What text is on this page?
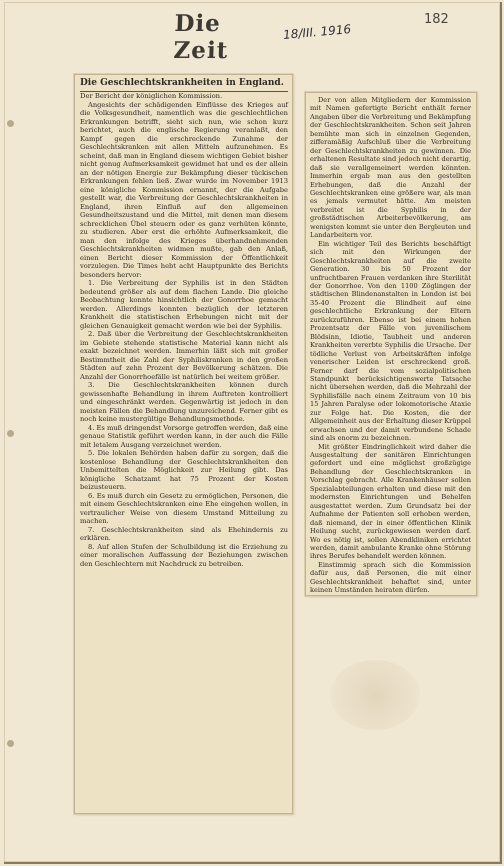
Die Zeit
18/III. 1916
182

Die Geschlechtskrankheiten in England.

Der Bericht der königlichen Kommission.

Angesichts der schädigenden Einflüsse des Krieges auf die Volksgesundheit, namentlich was die geschlechtlichen Erkrankungen betrifft, sieht sich nun, wie schon kurz berichtet, auch die englische Regierung veranlaßt, den Kampf gegen die erschreckende Zunahme der Geschlechtskranken mit allen Mitteln aufzunehmen. Es scheint, daß man in England diesem wichtigen Gebiet bisher nicht genug Aufmerksamkeit gewidmet hat und es der allein an der nötigen Energie zur Bekämpfung dieser tückischen Erkrankungen fehlen ließ. Zwar wurde im November 1913 eine königliche Kommission ernannt, der die Aufgabe gestellt war, die Verbreitung der Geschlechtskrankheiten in England, ihren Einfluß auf den allgemeinen Gesundheitszustand und die Mittel, mit denen man diesem schrecklichen Übel steuern oder es ganz verhüten könnte, zu studieren. Aber erst die erhöhte Aufmerksamkeit, die man den infolge des Krieges überhandnehmenden Geschlechtskrankheiten widmen mußte, gab den Anlaß, einen Bericht dieser Kommission der Öffentlichkeit vorzulegen. Die Times hebt acht Hauptpunkte des Berichts besonders hervor:

1. Die Verbreitung der Syphilis ist in den Städten bedeutend größer als auf dem flachen Lande. Die gleiche Beobachtung konnte hinsichtlich der Gonorrhoe gemacht werden. Allerdings konnten bezüglich der letzteren Krankheit die statistischen Erhebungen nicht mit der gleichen Genauigkeit gemacht werden wie bei der Syphilis.

2. Daß über die Verbreitung der Geschlechtskrankheiten im Gebiete stehende statistische Material kann nicht als exakt bezeichnet werden. Immerhin läßt sich mit großer Bestimmtheit die Zahl der Syphiliskranken in den großen Städten auf zehn Prozent der Bevölkerung schätzen. Die Anzahl der Gonorrhoefälle ist natürlich bei weitem größer.

3. Die Geschlechtskrankheiten können durch gewissenhafte Behandlung in ihrem Auftreten kontrolliert und eingeschränkt werden. Gegenwärtig ist jedoch in den meisten Fällen die Behandlung unzureichend. Ferner gibt es noch keine mustergültige Behandlungsmethode.

4. Es muß dringendst Vorsorge getroffen werden, daß eine genaue Statistik geführt werden kann, in der auch die Fälle mit letalem Ausgang verzeichnet werden.

5. Die lokalen Behörden haben dafür zu sorgen, daß die kostenlose Behandlung der Geschlechtskrankheiten den Unbemittelten die Möglichkeit zur Heilung gibt. Das königliche Schatzamt hat 75 Prozent der Kosten beizusteuern.

6. Es muß durch ein Gesetz zu ermöglichen, Personen, die mit einem Geschlechtskranken eine Ehe eingehen wollen, in vertraulicher Weise von diesem Umstand Mitteilung zu machen.

7. Geschlechtskrankheiten sind als Ehehindernis zu erklären.

8. Auf allen Stufen der Schulbildung ist die Erziehung zu einer moralischen Auffassung der Beziehungen zwischen den Geschlechtern mit Nachdruck zu betreiben.

Der von allen Mitgliedern der Kommission mit Namen gefertigte Bericht enthält ferner Angaben über die Verbreitung und Bekämpfung der Geschlechtskrankheiten. Schon seit Jahren bemühte man sich in einzelnen Gegenden, zifferamäßig Aufschluß über die Verbreitung der Geschlechtskrankheiten zu gewinnen. Die erhaltenen Resultate sind jedoch nicht derartig, daß sie verallgemeinert werden könnten. Immerhin ergab man aus den gestellten Erhebungen, daß die Anzahl der Geschlechtskranken eine größere war, als man es jemals vermutet hätte. Am meisten verbreitet ist die Syphilis in der großstädtischen Arbeiterbevölkerung, am wenigsten kommt sie unter den Bergleuten und Landarbeitern vor.

Ein wichtiger Teil des Berichts beschäftigt sich mit den Wirkungen der Geschlechtskrankheiten auf die zweite Generation. 30 bis 50 Prozent der unfruchtbaren Frauen verdanken ihre Sterilität der Gonorrhoe. Von den 1100 Zöglingen der städtischen Blindenanstalten in London ist bei 35-40 Prozent die Blindheit auf eine geschlechtliche Erkrankung der Eltern zurückzuführen. Ebenso ist bei einem hohen Prozentsatz der Fälle von juvenilischem Blödsinn, Idiotie, Taubheit und anderen Krankheiten vererbte Syphilis die Ursache. Der tödliche Verlust von Arbeitskräften infolge venerischer Leiden ist erschreckend groß. Ferner darf die vom sozialpolitischen Standpunkt berücksichtigenswerte Tatsache nicht übersehen werden, daß die Mehrzahl der Syphilisfälle nach einem Zeitraum von 10 bis 15 Jahren Paralyse oder lokomotorische Ataxie zur Folge hat. Die Kosten, die der Allgemeinheit aus der Erhaltung dieser Krüppel erwachsen und der damit verbundene Schade sind als enorm zu bezeichnen.

Mit größter Eindringlichkeit wird daher die Ausgestaltung der sanitären Einrichtungen gefordert und eine möglichst großzügige Behandlung der Geschlechtskranken in Vorschlag gebracht. Alle Krankenhäuser sollen Spezialabteilungen erhalten und diese mit den modernsten Einrichtungen und Behelfen ausgestattet werden. Zum Grundsatz bei der Aufnahme der Patienten soll erhoben werden, daß niemand, der in einer öffentlichen Klinik Heilung sucht, zurückgewiesen werden darf. Wo es nötig ist, sollen Abendkliniken errichtet werden, damit ambulante Kranke ohne Störung ihres Berufes behandelt werden können.

Einstimmig sprach sich die Kommission dafür aus, daß Personen, die mit einer Geschlechtskrankheit behaftet sind, unter keinen Umständen heiraten dürfen.
